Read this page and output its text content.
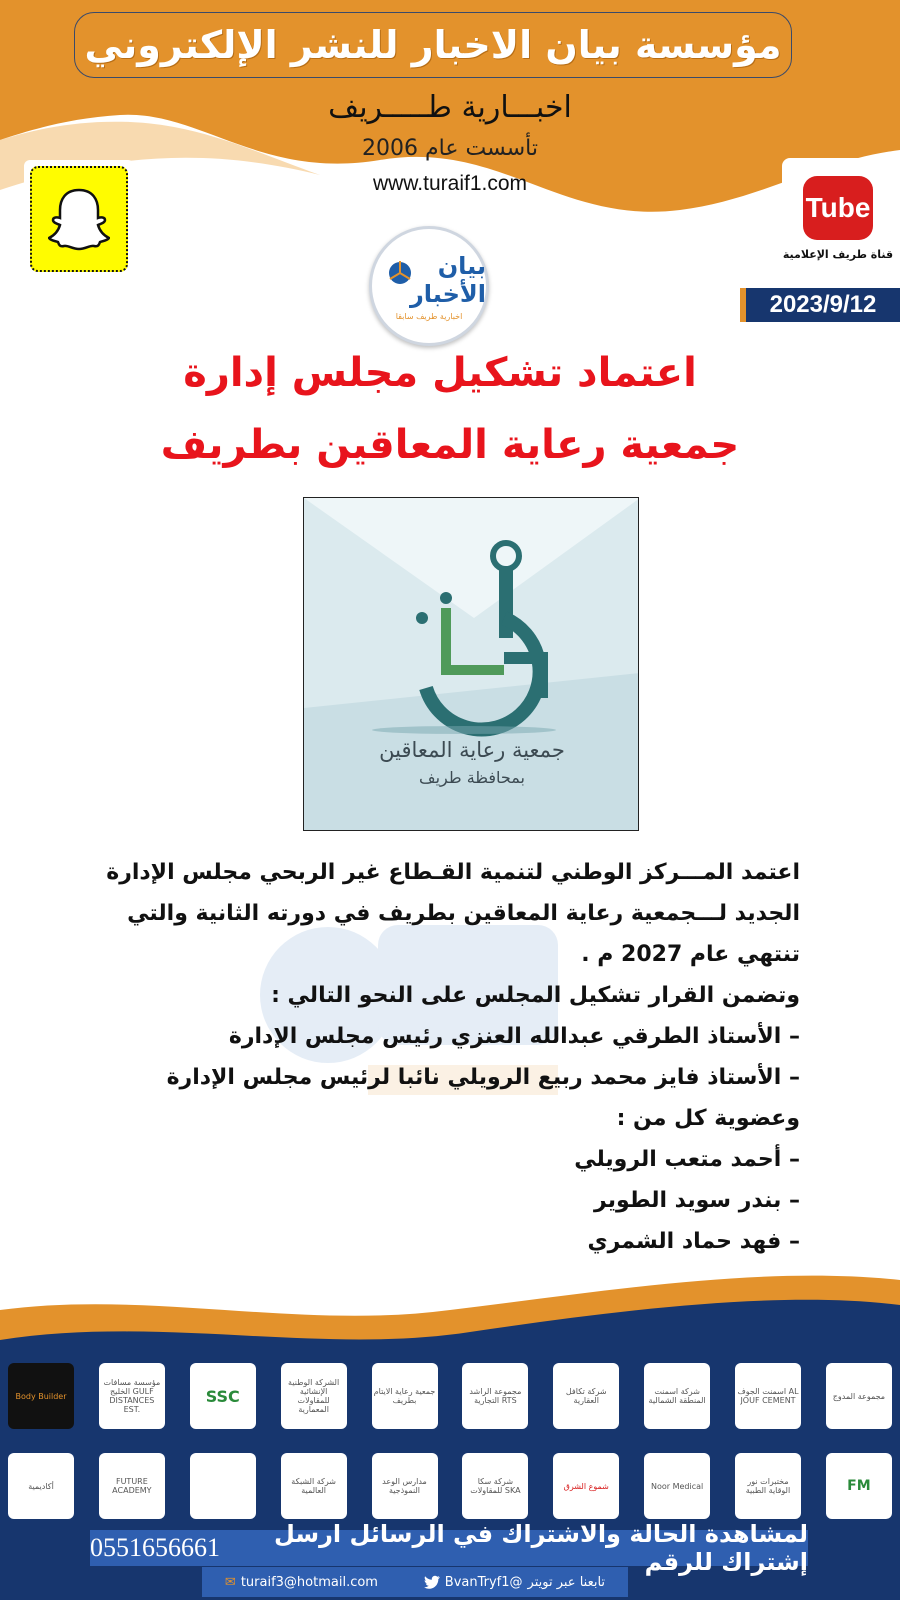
مؤسسة بيان الاخبار للنشر الإلكتروني
اخبـــارية طـــــريف
تأسست عام 2006
www.turaif1.com
Tube
قناة طريف الإعلامية
بيان الأخبار
اخبارية طريف سابقا	2023/9/12
اعتماد تشكيل مجلس إدارة
جمعية رعاية المعاقين بطريف
جمعية رعاية المعاقين
بمحافظة طريف

اعتمد المـــركز الوطني لتنمية القـطاع غير الربحي مجلس الإدارة

الجديد لـــجمعية رعاية المعاقين بطريف في دورته الثانية والتي

تنتهي عام 2027 م .

وتضمن القرار تشكيل المجلس على النحو التالي :

– الأستاذ الطرقي عبدالله العنزي رئيس مجلس الإدارة

– الأستاذ فايز محمد ربيع الرويلي نائبا لرئيس مجلس الإدارة

وعضوية كل من :

– أحمد متعب الرويلي

– بندر سويد الطوير

– فهد حماد الشمري

مجموعة المدوج
اسمنت الجوف AL JOUF CEMENT
شركة اسمنت المنطقة الشمالية
شركة تكافل العقارية
مجموعة الراشد التجارية RTS
جمعية رعاية الايتام بطريف
الشركة الوطنية الإنشائية للمقاولات المعمارية
SSC
مؤسسة مسافات الخليج GULF DISTANCES EST.
Body Builder
FM
مختبرات نور الوقاية الطبية
Noor Medical
شموع الشرق
شركة سكا للمقاولات SKA
مدارس الوعد النموذجية
شركة الشبكة العالمية
FUTURE ACADEMY
أكاديمية
لمشاهدة الحالة والاشتراك في الرسائل ارسل إشتراك للرقم
0551656661
✉ turaif3@hotmail.com	تابعنا عبر تويتر
BvanTryf1@
